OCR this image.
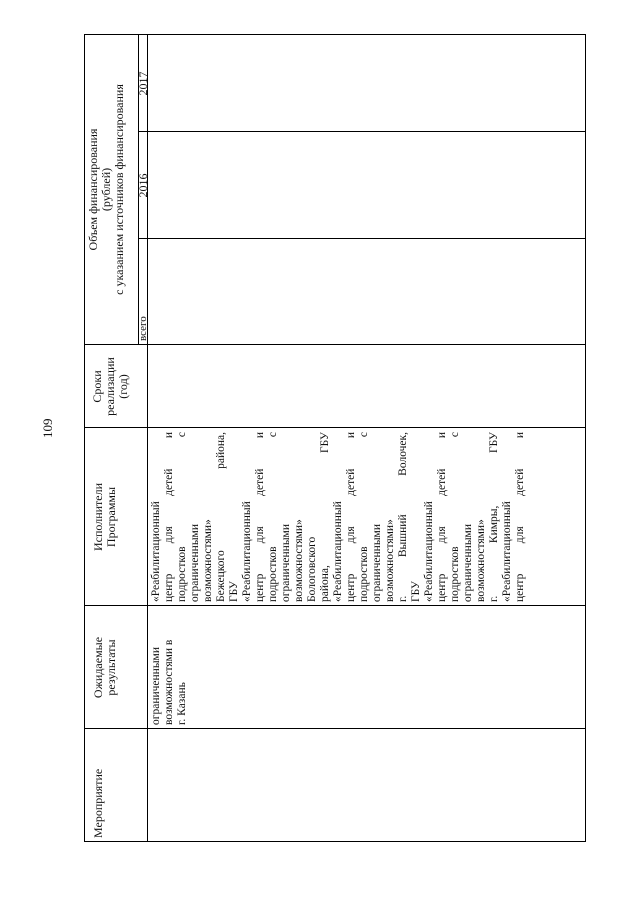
109
Мероприятие
Ожидаемые результаты
Исполнители Программы
Сроки реализации (год)
Объем финансирования (рублей) с указанием источников финансирования
всего
2016
2017
ограниченными возможностями в г. Казань
«Реабилитационный центр для детей и подростков с ограниченными возможностями» Бежецкого района, ГБУ «Реабилитационный центр для детей и подростков с ограниченными возможностями» Бологовского района, ГБУ «Реабилитационный центр для детей и подростков с ограниченными возможностями» г. Вышний Волочек, ГБУ «Реабилитационный центр для детей и подростков с ограниченными возможностями» г. Кимры, ГБУ «Реабилитационный центр для детей и
